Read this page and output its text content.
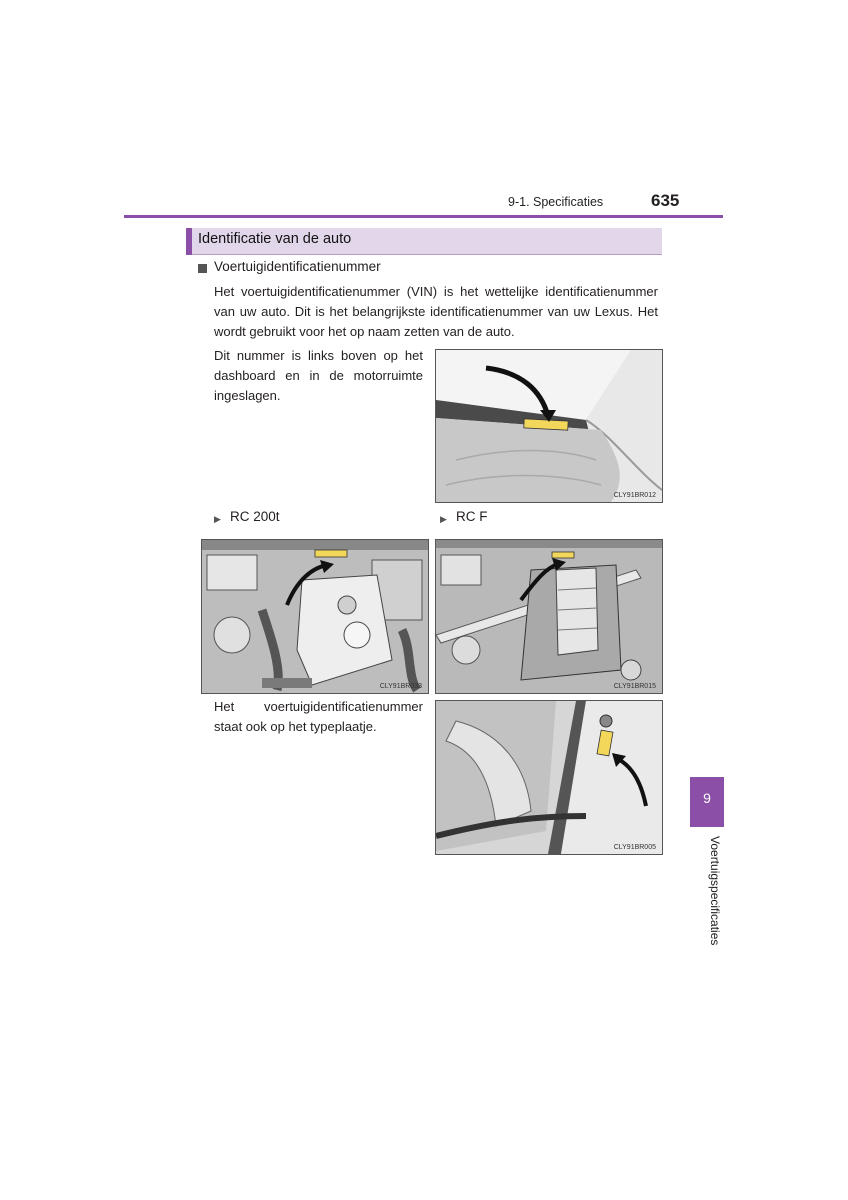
9-1. Specificaties	635
Identificatie van de auto
Voertuigidentificatienummer
Het voertuigidentificatienummer (VIN) is het wettelijke identificatienummer
van uw auto. Dit is het belangrijkste identificatienummer van uw Lexus. Het
wordt gebruikt voor het op naam zetten van de auto.
Dit nummer is links boven op het
dashboard en in de motorruimte
ingeslagen.
CLY91BR012
▶ RC 200t	▶ RC F
CLY91BR033	CLY91BR015
Het voertuigidentificatienummer
staat ook op het typeplaatje.
CLY91BR005
9
Voertuigspecificaties
